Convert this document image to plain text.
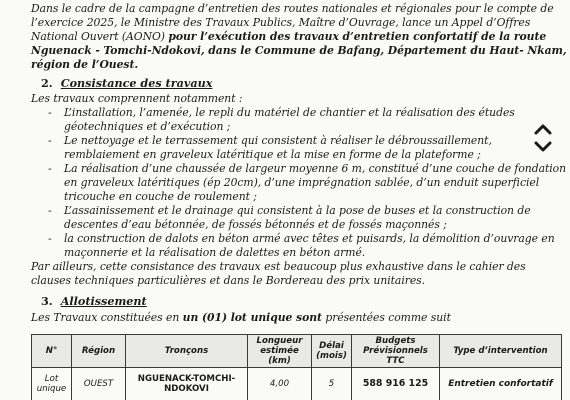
Dans le cadre de la campagne d’entretien des routes nationales et régionales pour le compte de
l’exercice 2025, le Ministre des Travaux Publics, Maître d’Ouvrage, lance un Appel d’Offres
National Ouvert (AONO) pour l’exécution des travaux d’entretien confortatif de la route
Nguenack - Tomchi-Ndokovi, dans le Commune de Bafang, Département du Haut- Nkam,
région de l’Ouest.
2. Consistance des travaux
Les travaux comprennent notamment :
- L’installation, l’amenée, le repli du matériel de chantier et la réalisation des études
géotechniques et d’exécution ;
- Le nettoyage et le terrassement qui consistent à réaliser le débroussaillement,
remblaiement en graveleux latéritique et la mise en forme de la plateforme ;
- La réalisation d’une chaussée de largeur moyenne 6 m, constitué d’une couche de fondation
en graveleux latéritiques (ép 20cm), d’une imprégnation sablée, d’un enduit superficiel
tricouche en couche de roulement ;
- L’assainissement et le drainage qui consistent à la pose de buses et la construction de
descentes d’eau bétonnée, de fossés bétonnés et de fossés maçonnés ;
- la construction de dalots en béton armé avec têtes et puisards, la démolition d’ouvrage en
maçonnerie et la réalisation de dalettes en béton armé.
Par ailleurs, cette consistance des travaux est beaucoup plus exhaustive dans le cahier des
clauses techniques particulières et dans le Bordereau des prix unitaires.
3. Allotissement
Les Travaux constituées en un (01) lot unique sont présentées comme suit
N°	Région	Tronçons	Longueur estimée (km)	Délai (mois)	Budgets Prévisionnels TTC	Type d’intervention
Lot unique	OUEST	NGUENACK-TOMCHI-NDOKOVI	4,00	5	588 916 125	Entretien confortatif
